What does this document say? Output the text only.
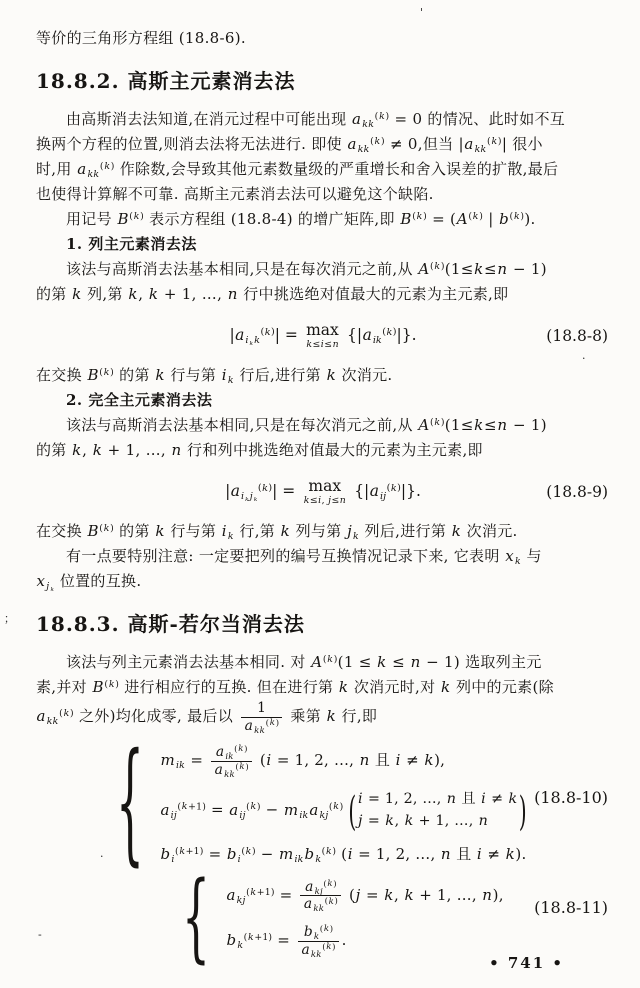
等价的三角形方程组 (18.8-6).
18.8.2. 高斯主元素消去法
由高斯消去法知道,在消元过程中可能出现 $a_{kk}^{(k)} = 0$ 的情况、此时如不互
换两个方程的位置,则消去法将无法进行. 即使 $a_{kk}^{(k)} \ne 0$,但当 $|a_{kk}^{(k)}|$ 很小
时,用 $a_{kk}^{(k)}$ 作除数,会导致其他元素数量级的严重增长和舍入误差的扩散,最后
也使得计算解不可靠. 高斯主元素消去法可以避免这个缺陷.
用记号 $B^{(k)}$ 表示方程组 (18.8-4) 的增广矩阵,即 $B^{(k)} = (A^{(k)}$ | $b^{(k)}$).
1. 列主元素消去法
该法与高斯消去法基本相同,只是在每次消元之前,从 $A^{(k)}(1\le k\le n - 1)$
的第 k 列,第 k, k + 1, …, n 行中挑选绝对值最大的元素为主元素,即
$|a_{i_kk}^{(k)}| = \max$
k≤i≤n
$\{|a_{ik}^{(k)}|\}$.	(18.8-8)
在交换 $B^{(k)}$ 的第 k 行与第 $i_k$ 行后,进行第 k 次消元.
2. 完全主元素消去法
该法与高斯消去法基本相同,只是在每次消元之前,从 $A^{(k)}(1\le k\le n - 1)$
的第 k, k + 1, …, n 行和列中挑选绝对值最大的元素为主元素,即
$|a_{i_kj_k}^{(k)}| = \max$
k≤i, j≤n
$\{|a_{ij}^{(k)}|\}$.	(18.8-9)
在交换 $B^{(k)}$ 的第 k 行与第 $i_k$ 行,第 k 列与第 $j_k$ 列后,进行第 k 次消元.
有一点要特别注意: 一定要把列的编号互换情况记录下来, 它表明 $x_k$ 与
$x_{j_k}$ 位置的互换.
18.8.3. 高斯-若尔当消去法
该法与列主元素消去法基本相同. 对 $A^{(k)}(1 \le k \le n - 1)$ 选取列主元
素,并对 $B^{(k)}$ 进行相应行的互换. 但在进行第 k 次消元时,对 k 列中的元素(除
$a_{kk}^{(k)}$ 之外)均化成零, 最后以 $\frac{1}{a_{kk}^{(k)}}$ 乘第 k 行,即
{ $m_{ik} = \frac{a_{ik}^{(k)}}{a_{kk}^{(k)}} (i = 1$, 2, …, n 且 i ≠ k),
$a_{ij}^{(k+1)} = a_{ij}^{(k)} - m_{ik}a_{kj}^{(k)}$ ( i = 1, 2, …, n 且 i ≠ k
j = k, k + 1, …, n	)
$b_i^{(k+1)} = b_i^{(k)} - m_{ik}b_k^{(k)}$ (i = 1, 2, …, n 且 i ≠ k).
(18.8-10)
{ $a_{kj}^{(k+1)} = \frac{a_{kj}^{(k)}}{a_{kk}^{(k)}} (j = k$, k + 1, …, n),
$b_k^{(k+1)} = \frac{b_k^{(k)}}{a_{kk}^{(k)}}$ .
(18.8-11)
• 741 •
'
；
·
-
·
